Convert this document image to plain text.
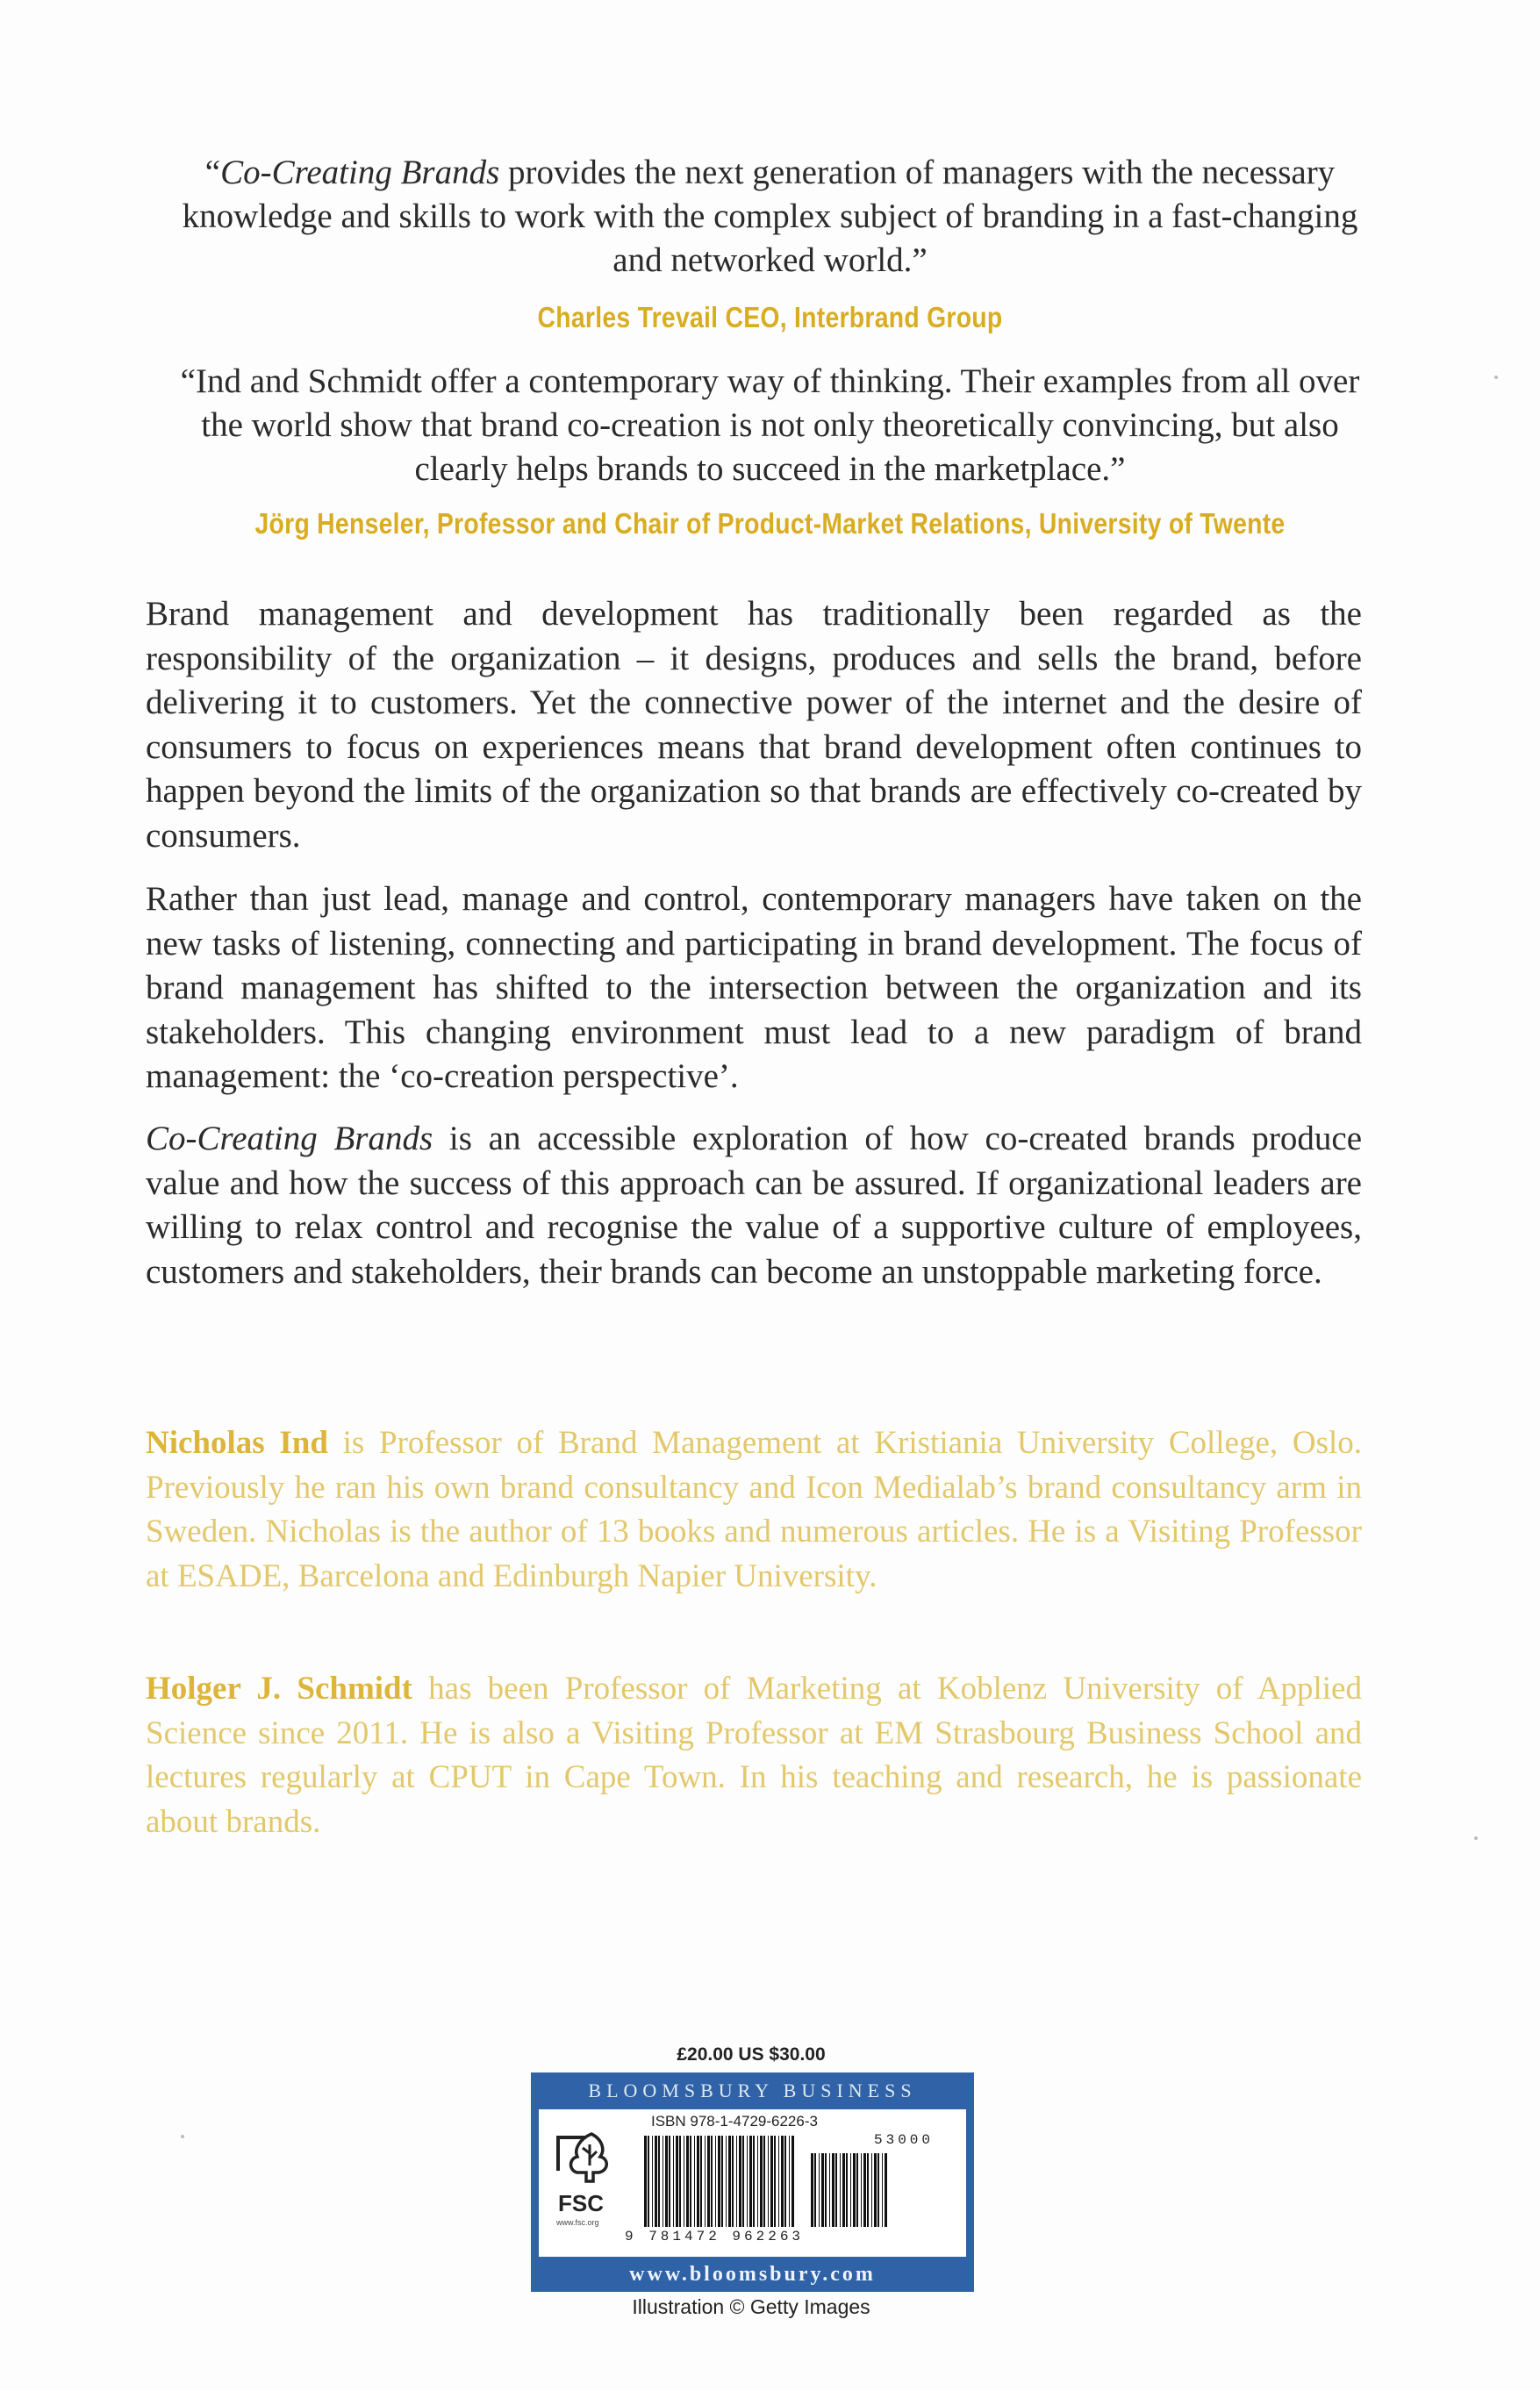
“Co-Creating Brands provides the next generation of managers with the necessary knowledge and skills to work with the complex subject of branding in a fast-changing and networked world.”
Charles Trevail CEO, Interbrand Group
“Ind and Schmidt offer a contemporary way of thinking. Their examples from all over the world show that brand co-creation is not only theoretically convincing, but also clearly helps brands to succeed in the marketplace.”
Jörg Henseler, Professor and Chair of Product-Market Relations, University of Twente
Brand management and development has traditionally been regarded as the responsibility of the organization – it designs, produces and sells the brand, before delivering it to customers. Yet the connective power of the internet and the desire of consumers to focus on experiences means that brand development often continues to happen beyond the limits of the organization so that brands are effectively co-created by consumers.
Rather than just lead, manage and control, contemporary managers have taken on the new tasks of listening, connecting and participating in brand development. The focus of brand management has shifted to the intersection between the organization and its stakeholders. This changing environment must lead to a new paradigm of brand management: the ‘co-creation perspective’.
Co-Creating Brands is an accessible exploration of how co-created brands produce value and how the success of this approach can be assured. If organizational leaders are willing to relax control and recognise the value of a supportive culture of employees, customers and stakeholders, their brands can become an unstoppable marketing force.
Nicholas Ind is Professor of Brand Management at Kristiania University College, Oslo. Previously he ran his own brand consultancy and Icon Medialab’s brand consultancy arm in Sweden. Nicholas is the author of 13 books and numerous articles. He is a Visiting Professor at ESADE, Barcelona and Edinburgh Napier University.
Holger J. Schmidt has been Professor of Marketing at Koblenz University of Applied Science since 2011. He is also a Visiting Professor at EM Strasbourg Business School and lectures regularly at CPUT in Cape Town. In his teaching and research, he is passionate about brands.
£20.00 US $30.00
BLOOMSBURY BUSINESS
FSC
www.fsc.org
ISBN 978-1-4729-6226-3
9 781472 962263
53000
www.bloomsbury.com
Illustration © Getty Images
